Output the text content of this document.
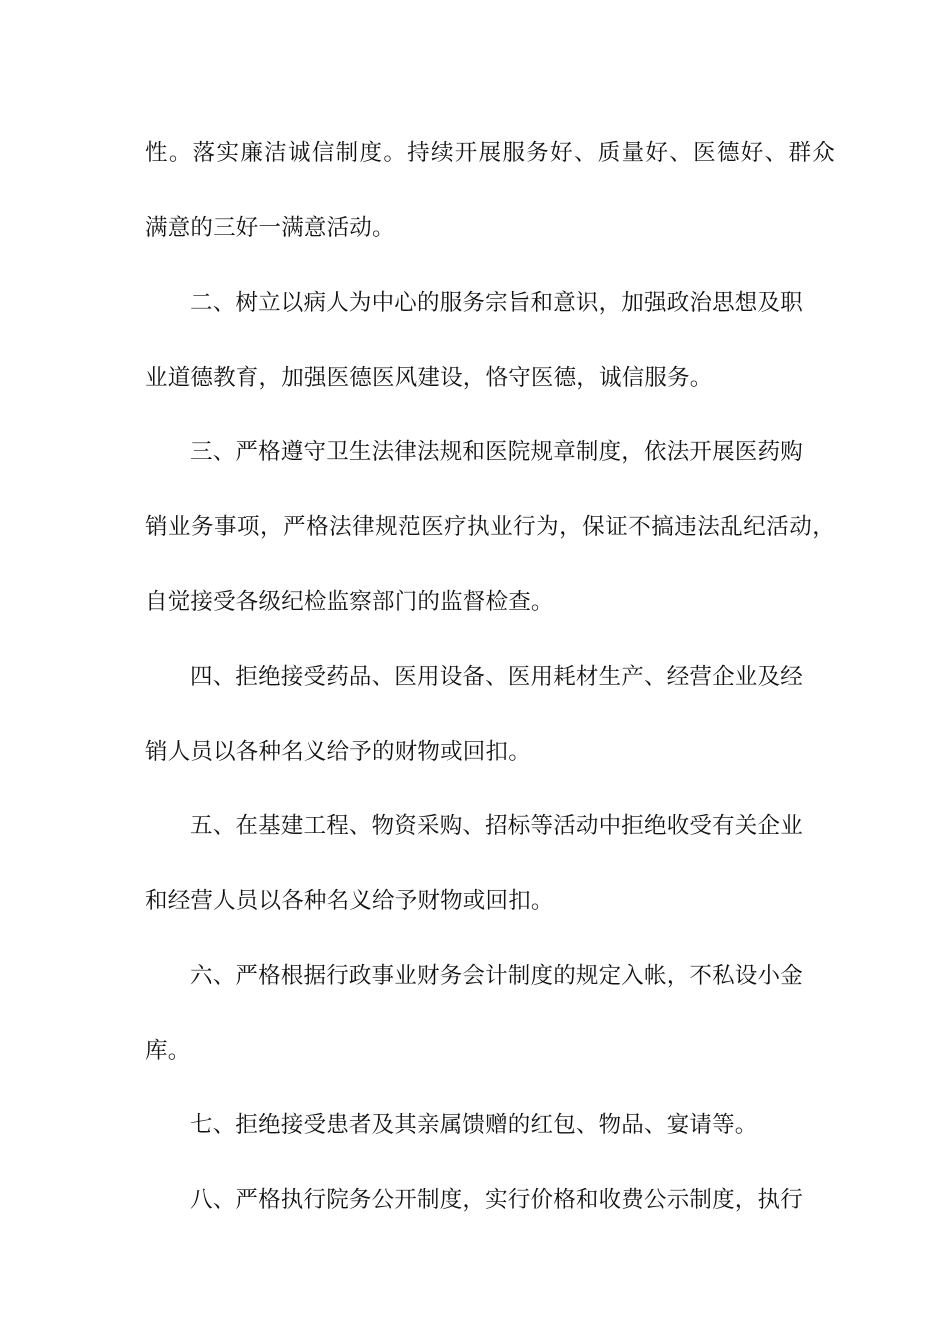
性。落实廉洁诚信制度。持续开展服务好、质量好、医德好、群众
满意的三好一满意活动。
二、树立以病人为中心的服务宗旨和意识，加强政治思想及职
业道德教育，加强医德医风建设，恪守医德，诚信服务。
三、严格遵守卫生法律法规和医院规章制度，依法开展医药购
销业务事项，严格法律规范医疗执业行为，保证不搞违法乱纪活动，
自觉接受各级纪检监察部门的监督检查。
四、拒绝接受药品、医用设备、医用耗材生产、经营企业及经
销人员以各种名义给予的财物或回扣。
五、在基建工程、物资采购、招标等活动中拒绝收受有关企业
和经营人员以各种名义给予财物或回扣。
六、严格根据行政事业财务会计制度的规定入帐，不私设小金
库。
七、拒绝接受患者及其亲属馈赠的红包、物品、宴请等。
八、严格执行院务公开制度，实行价格和收费公示制度，执行
